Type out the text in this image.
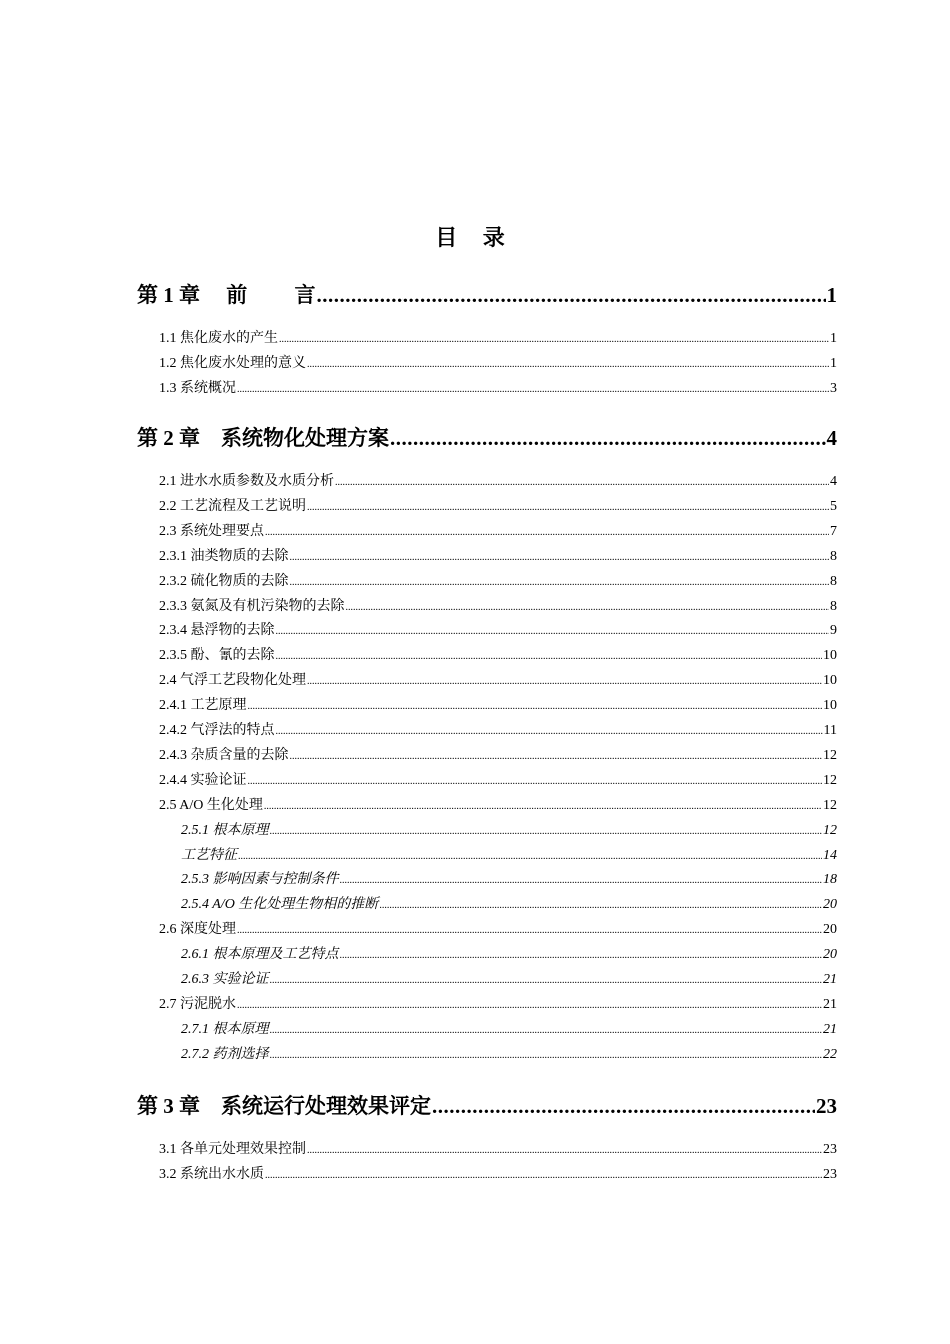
目 录
第 1 章　 前　　 言 .....	1
1.1 焦化废水的产生 .....	1
1.2 焦化废水处理的意义 .....	1
1.3 系统概况 .....	3
第 2 章　系统物化处理方案 .....	4
2.1 进水水质参数及水质分析 .....	4
2.2 工艺流程及工艺说明 .....	5
2.3 系统处理要点 .....	7
2.3.1 油类物质的去除 .....	8
2.3.2 硫化物质的去除 .....	8
2.3.3 氨氮及有机污染物的去除 .....	8
2.3.4 悬浮物的去除 .....	9
2.3.5 酚、氰的去除 .....	10
2.4 气浮工艺段物化处理 .....	10
2.4.1 工艺原理 .....	10
2.4.2 气浮法的特点 .....	11
2.4.3 杂质含量的去除 .....	12
2.4.4 实验论证 .....	12
2.5 A/O 生化处理 .....	12
2.5.1 根本原理 .....	12
工艺特征 .....	14
2.5.3 影响因素与控制条件 .....	18
2.5.4 A/O 生化处理生物相的推断 .....	20
2.6 深度处理 .....	20
2.6.1 根本原理及工艺特点 .....	20
2.6.3 实验论证 .....	21
2.7 污泥脱水 .....	21
2.7.1 根本原理 .....	21
2.7.2 药剂选择 .....	22
第 3 章　系统运行处理效果评定 .....	23
3.1 各单元处理效果控制 .....	23
3.2 系统出水水质 .....	23
